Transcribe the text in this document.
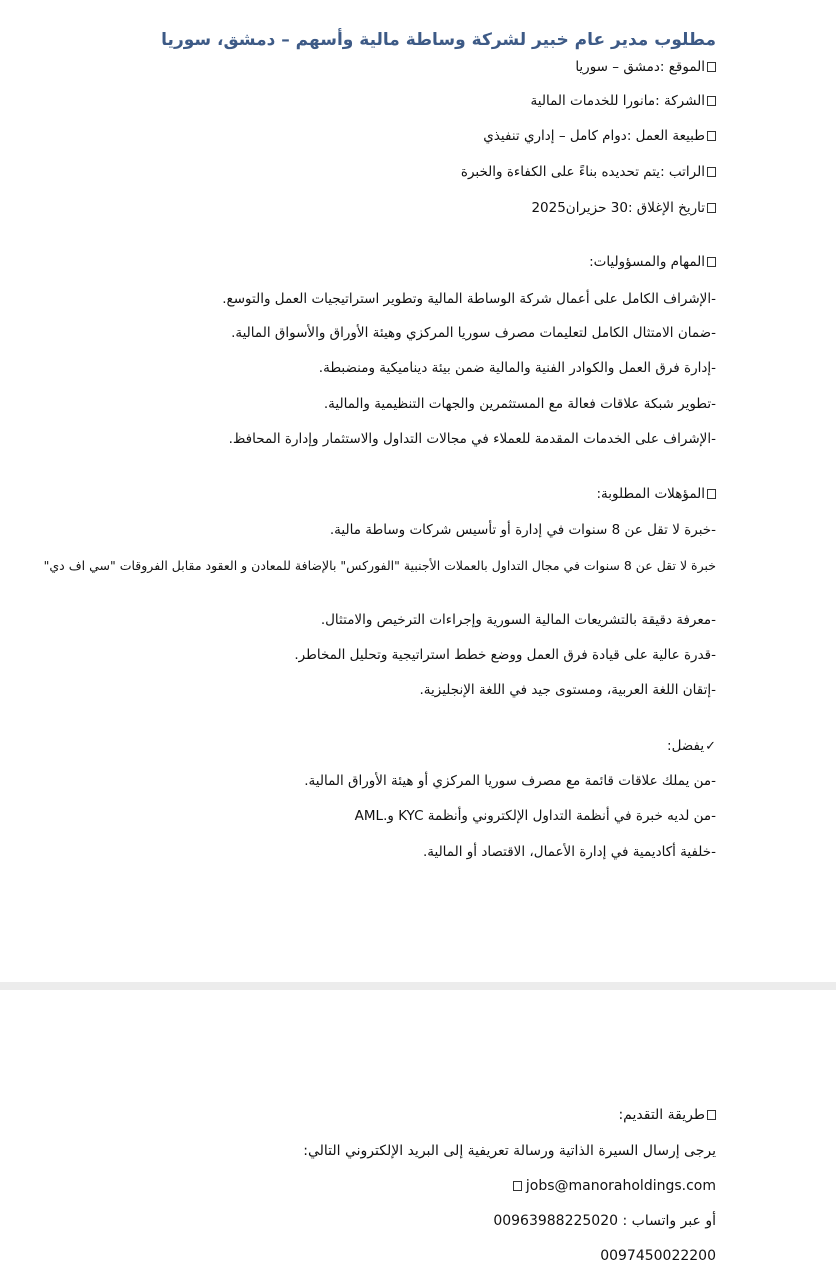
مطلوب مدير عام خبير لشركة وساطة مالية وأسهم – دمشق، سوريا
الموقع :دمشق – سوريا
الشركة :مانورا للخدمات المالية
طبيعة العمل :دوام كامل – إداري تنفيذي
الراتب :يتم تحديده بناءً على الكفاءة والخبرة
تاريخ الإغلاق :30 حزيران2025
المهام والمسؤوليات:
-الإشراف الكامل على أعمال شركة الوساطة المالية وتطوير استراتيجيات العمل والتوسع.
-ضمان الامتثال الكامل لتعليمات مصرف سوريا المركزي وهيئة الأوراق والأسواق المالية.
-إدارة فرق العمل والكوادر الفنية والمالية ضمن بيئة ديناميكية ومنضبطة.
-تطوير شبكة علاقات فعالة مع المستثمرين والجهات التنظيمية والمالية.
-الإشراف على الخدمات المقدمة للعملاء في مجالات التداول والاستثمار وإدارة المحافظ.
المؤهلات المطلوبة:
-خبرة لا تقل عن 8 سنوات في إدارة أو تأسيس شركات وساطة مالية.
خبرة لا تقل عن 8 سنوات في مجال التداول بالعملات الأجنبية "الفوركس" بالإضافة للمعادن و العقود مقابل الفروقات "سي اف دي"
-معرفة دقيقة بالتشريعات المالية السورية وإجراءات الترخيص والامتثال.
-قدرة عالية على قيادة فرق العمل ووضع خطط استراتيجية وتحليل المخاطر.
-إتقان اللغة العربية، ومستوى جيد في اللغة الإنجليزية.
✓يفضل:
-من يملك علاقات قائمة مع مصرف سوريا المركزي أو هيئة الأوراق المالية.
-من لديه خبرة في أنظمة التداول الإلكتروني وأنظمة KYC و.AML
-خلفية أكاديمية في إدارة الأعمال، الاقتصاد أو المالية.
طريقة التقديم:
يرجى إرسال السيرة الذاتية ورسالة تعريفية إلى البريد الإلكتروني التالي:
jobs@manoraholdings.com
أو عبر واتساب : 00963988225020
0097450022200
